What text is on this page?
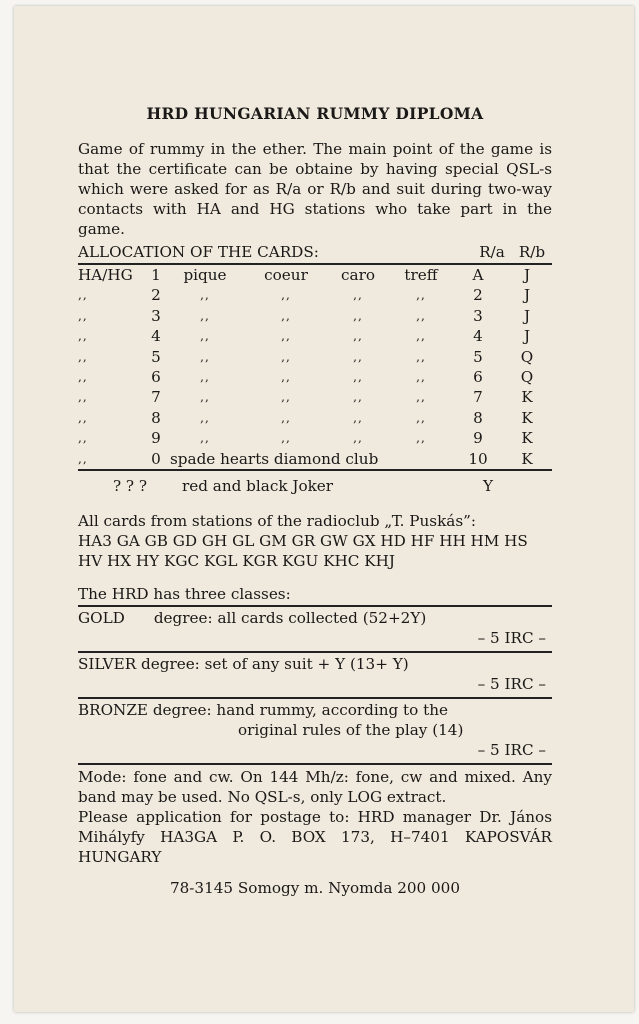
HRD HUNGARIAN RUMMY DIPLOMA

Game of rummy in the ether. The main point of the game is that the certificate can be obtaine by having special QSL-s which were asked for as R/a or R/b and suit during two-way contacts with HA and HG stations who take part in the game.

ALLOCATION OF THE CARDS:	R/a R/b
HA/HG	1	pique	coeur	caro	treff	A	J
,,	2	,,	,,	,,	,,	2	J
,,	3	,,	,,	,,	,,	3	J
,,	4	,,	,,	,,	,,	4	J
,,	5	,,	,,	,,	,,	5	Q
,,	6	,,	,,	,,	,,	6	Q
,,	7	,,	,,	,,	,,	7	K
,,	8	,,	,,	,,	,,	8	K
,,	9	,,	,,	,,	,,	9	K
,,	0	spade hearts diamond club				10	K
? ? ?	red and black Joker	Y

All cards from stations of the radioclub „T. Puskás”:

HA3 GA GB GD GH GL GM GR GW GX HD HF HH HM HS HV HX HY KGC KGL KGR KGU KHC KHJ

The HRD has three classes:
GOLD
degree: all cards collected (52+2Y)
– 5 IRC –
SILVER
degree: set of any suit + Y (13+ Y)
– 5 IRC –
BRONZE
degree: hand rummy, according to the
original rules of the play (14)
– 5 IRC –

Mode: fone and cw. On 144 Mh/z: fone, cw and mixed. Any band may be used. No QSL-s, only LOG extract.

Please application for postage to: HRD manager Dr. János Mihályfy HA3GA P. O. BOX 173, H–7401 KAPOSVÁR HUNGARY

78-3145 Somogy m. Nyomda 200 000
